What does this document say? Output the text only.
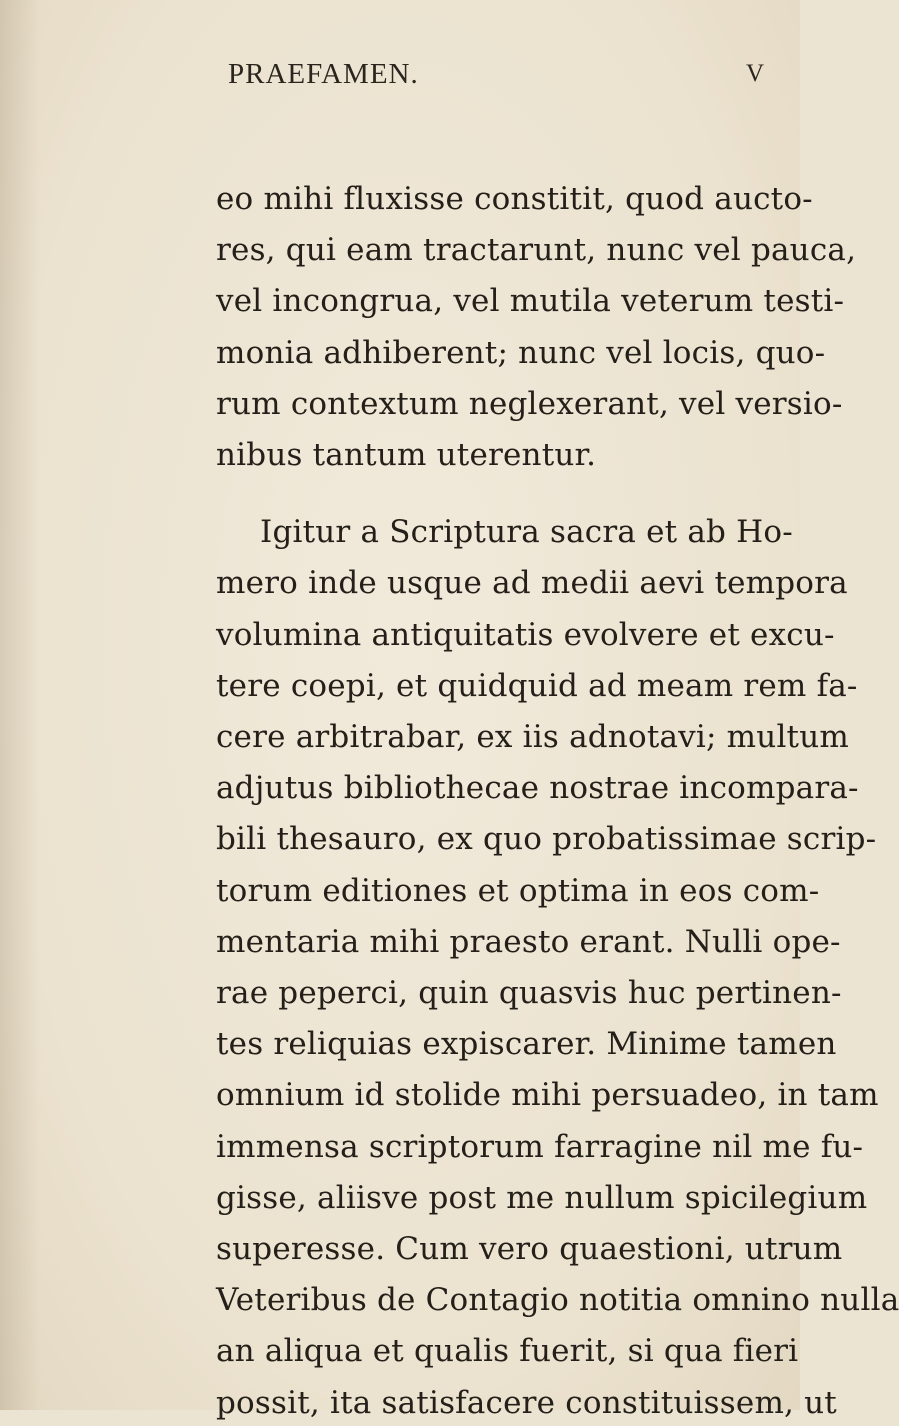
PRAEFAMEN.	V
eo mihi fluxisse constitit, quod aucto-
res, qui eam tractarunt, nunc vel pauca,
vel incongrua, vel mutila veterum testi-
monia adhiberent; nunc vel locis, quo-
rum contextum neglexerant, vel versio-
nibus tantum uterentur.
Igitur a Scriptura sacra et ab Ho-
mero inde usque ad medii aevi tempora
volumina antiquitatis evolvere et excu-
tere coepi, et quidquid ad meam rem fa-
cere arbitrabar, ex iis adnotavi; multum
adjutus bibliothecae nostrae incompara-
bili thesauro, ex quo probatissimae scrip-
torum editiones et optima in eos com-
mentaria mihi praesto erant. Nulli ope-
rae peperci, quin quasvis huc pertinen-
tes reliquias expiscarer. Minime tamen
omnium id stolide mihi persuadeo, in tam
immensa scriptorum farragine nil me fu-
gisse, aliisve post me nullum spicilegium
superesse. Cum vero quaestioni, utrum
Veteribus de Contagio notitia omnino nulla
an aliqua et qualis fuerit, si qua fieri
possit, ita satisfacere constituissem, ut
